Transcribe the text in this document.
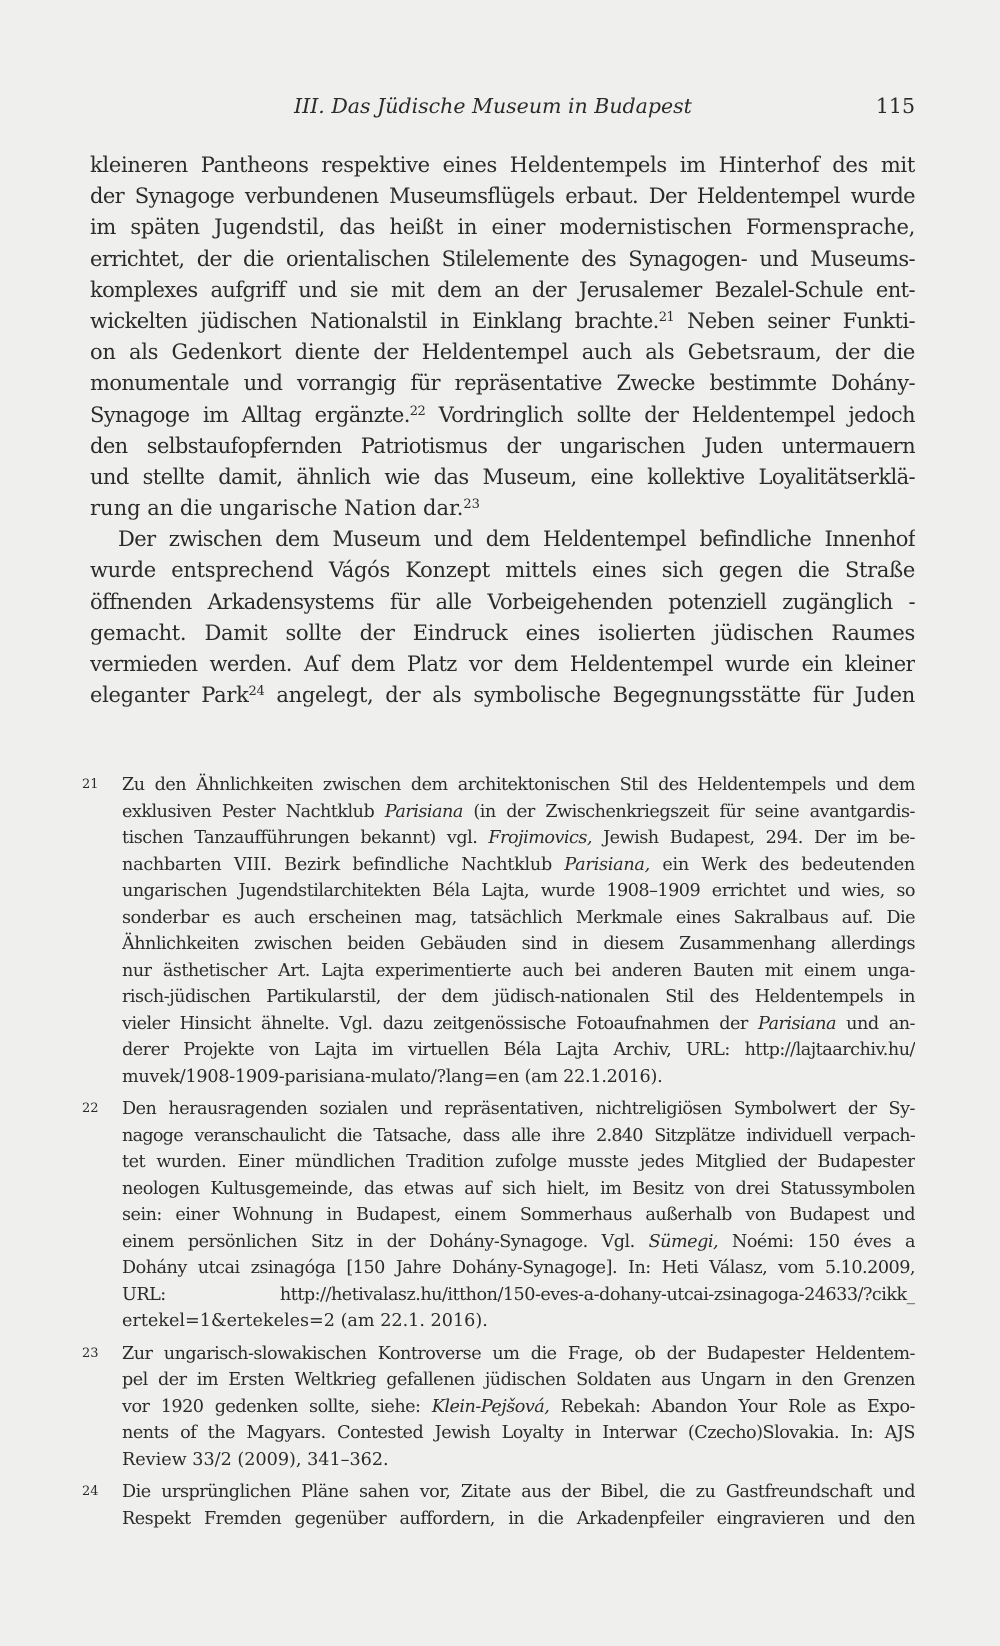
III. Das Jüdische Museum in Budapest	115
kleineren Pantheons respektive eines Heldentempels im Hinterhof des mit
der Synagoge verbundenen Museumsflügels erbaut. Der Heldentempel wurde
im späten Jugendstil, das heißt in einer modernistischen Formensprache,
errichtet, der die orientalischen Stilelemente des Synagogen- und Museums-
komplexes aufgriff und sie mit dem an der Jerusalemer Bezalel-Schule ent-
wickelten jüdischen Nationalstil in Einklang brachte.$^{21}$ Neben seiner Funkti-
on als Gedenkort diente der Heldentempel auch als Gebetsraum, der die
monumentale und vorrangig für repräsentative Zwecke bestimmte Dohány-
Synagoge im Alltag ergänzte.$^{22}$ Vordringlich sollte der Heldentempel jedoch
den selbstaufopfernden Patriotismus der ungarischen Juden untermauern
und stellte damit, ähnlich wie das Museum, eine kollektive Loyalitätserklä-
rung an die ungarische Nation dar.$^{23}$
Der zwischen dem Museum und dem Heldentempel befindliche Innenhof
wurde entsprechend Vágós Konzept mittels eines sich gegen die Straße
öffnenden Arkadensystems für alle Vorbeigehenden potenziell zugänglich -
gemacht. Damit sollte der Eindruck eines isolierten jüdischen Raumes
vermieden werden. Auf dem Platz vor dem Heldentempel wurde ein kleiner
eleganter Park$^{24}$ angelegt, der als symbolische Begegnungsstätte für Juden
21 Zu den Ähnlichkeiten zwischen dem architektonischen Stil des Heldentempels und dem
exklusiven Pester Nachtklub Parisiana (in der Zwischenkriegszeit für seine avantgardis-
tischen Tanzaufführungen bekannt) vgl. Frojimovics, Jewish Budapest, 294. Der im be-
nachbarten VIII. Bezirk befindliche Nachtklub Parisiana, ein Werk des bedeutenden
ungarischen Jugendstilarchitekten Béla Lajta, wurde 1908–1909 errichtet und wies, so
sonderbar es auch erscheinen mag, tatsächlich Merkmale eines Sakralbaus auf. Die
Ähnlichkeiten zwischen beiden Gebäuden sind in diesem Zusammenhang allerdings
nur ästhetischer Art. Lajta experimentierte auch bei anderen Bauten mit einem unga-
risch-jüdischen Partikularstil, der dem jüdisch-nationalen Stil des Heldentempels in
vieler Hinsicht ähnelte. Vgl. dazu zeitgenössische Fotoaufnahmen der Parisiana und an-
derer Projekte von Lajta im virtuellen Béla Lajta Archiv, URL: http://lajtaarchiv.hu/
muvek/1908-1909-parisiana-mulato/?lang=en (am 22.1.2016).
22 Den herausragenden sozialen und repräsentativen, nichtreligiösen Symbolwert der Sy-
nagoge veranschaulicht die Tatsache, dass alle ihre 2.840 Sitzplätze individuell verpach-
tet wurden. Einer mündlichen Tradition zufolge musste jedes Mitglied der Budapester
neologen Kultusgemeinde, das etwas auf sich hielt, im Besitz von drei Statussymbolen
sein: einer Wohnung in Budapest, einem Sommerhaus außerhalb von Budapest und
einem persönlichen Sitz in der Dohány-Synagoge. Vgl. Sümegi, Noémi: 150 éves a
Dohány utcai zsinagóga [150 Jahre Dohány-Synagoge]. In: Heti Válasz, vom 5.10.2009,
URL: http://hetivalasz.hu/itthon/150-eves-a-dohany-utcai-zsinagoga-24633/?cikk_
ertekel=1&ertekeles=2 (am 22.1. 2016).
23 Zur ungarisch-slowakischen Kontroverse um die Frage, ob der Budapester Heldentem-
pel der im Ersten Weltkrieg gefallenen jüdischen Soldaten aus Ungarn in den Grenzen
vor 1920 gedenken sollte, siehe: Klein-Pejšová, Rebekah: Abandon Your Role as Expo-
nents of the Magyars. Contested Jewish Loyalty in Interwar (Czecho)Slovakia. In: AJS
Review 33/2 (2009), 341–362.
24 Die ursprünglichen Pläne sahen vor, Zitate aus der Bibel, die zu Gastfreundschaft und
Respekt Fremden gegenüber auffordern, in die Arkadenpfeiler eingravieren und den
